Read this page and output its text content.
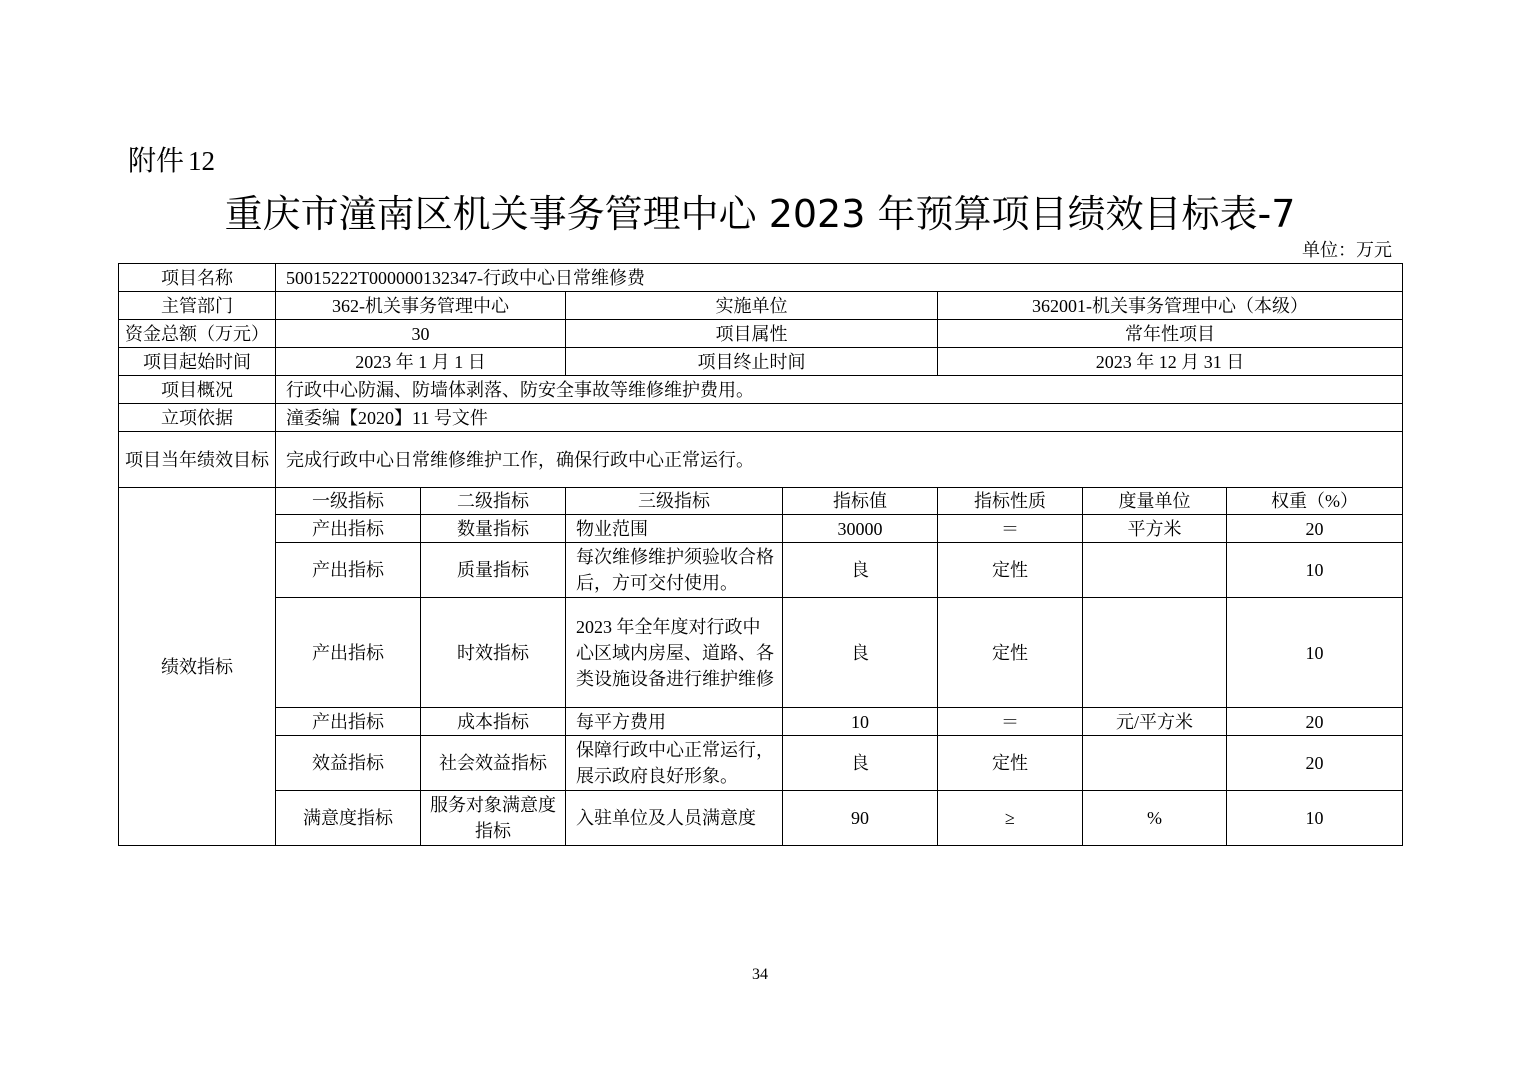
附件 12
重庆市潼南区机关事务管理中心 2023 年预算项目绩效目标表-7
单位：万元
项目名称	50015222T000000132347-行政中心日常维修费						
主管部门	362-机关事务管理中心		实施单位		362001-机关事务管理中心（本级）		
资金总额（万元）	30		项目属性		常年性项目		
项目起始时间	2023 年 1 月 1 日		项目终止时间		2023 年 12 月 31 日		
项目概况	行政中心防漏、防墙体剥落、防安全事故等维修维护费用。						
立项依据	潼委编【2020】11 号文件						
项目当年绩效目标	完成行政中心日常维修维护工作，确保行政中心正常运行。						
绩效指标	一级指标	二级指标	三级指标	指标值	指标性质	度量单位	权重（%）
	产出指标	数量指标	物业范围	30000	＝	平方米	20
	产出指标	质量指标	每次维修维护须验收合格后，方可交付使用。	良	定性		10
	产出指标	时效指标	2023 年全年度对行政中心区域内房屋、道路、各类设施设备进行维护维修	良	定性		10
	产出指标	成本指标	每平方费用	10	＝	元/平方米	20
	效益指标	社会效益指标	保障行政中心正常运行，展示政府良好形象。	良	定性		20
	满意度指标	服务对象满意度指标	入驻单位及人员满意度	90	≥	%	10
34
